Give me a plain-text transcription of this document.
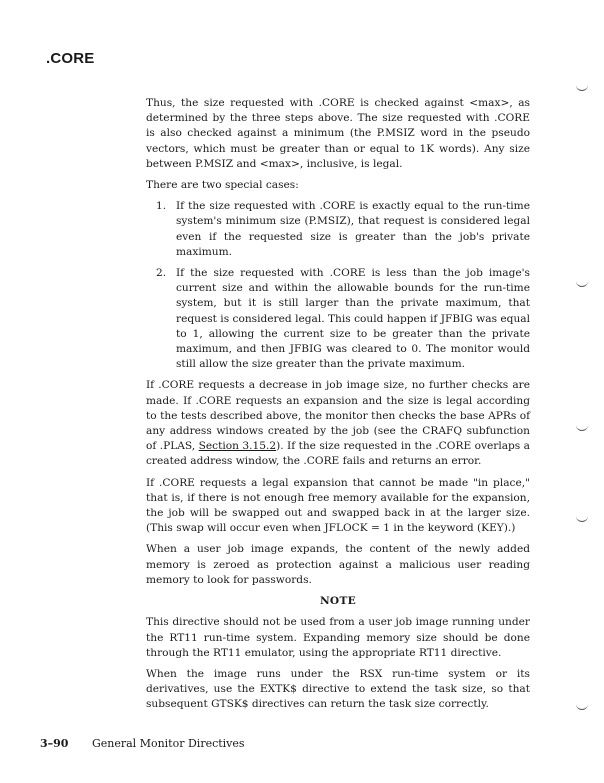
.CORE

Thus, the size requested with .CORE is checked against <max>, as determined by the three steps above. The size requested with .CORE is also checked against a minimum (the P.MSIZ word in the pseudo vectors, which must be greater than or equal to 1K words). Any size between P.MSIZ and <max>, inclusive, is legal.

There are two special cases:

1. If the size requested with .CORE is exactly equal to the run-time system's minimum size (P.MSIZ), that request is considered legal even if the requested size is greater than the job's private maximum.
2. If the size requested with .CORE is less than the job image's current size and within the allowable bounds for the run-time system, but it is still larger than the private maximum, that request is considered legal. This could happen if JFBIG was equal to 1, allowing the current size to be greater than the private maximum, and then JFBIG was cleared to 0. The monitor would still allow the size greater than the private maximum.

If .CORE requests a decrease in job image size, no further checks are made. If .CORE requests an expansion and the size is legal according to the tests described above, the monitor then checks the base APRs of any address windows created by the job (see the CRAFQ subfunction of .PLAS, Section 3.15.2). If the size requested in the .CORE overlaps a created address window, the .CORE fails and returns an error.

If .CORE requests a legal expansion that cannot be made "in place," that is, if there is not enough free memory available for the expansion, the job will be swapped out and swapped back in at the larger size. (This swap will occur even when JFLOCK = 1 in the keyword (KEY).)

When a user job image expands, the content of the newly added memory is zeroed as protection against a malicious user reading memory to look for passwords.

NOTE

This directive should not be used from a user job image running under the RT11 run-time system. Expanding memory size should be done through the RT11 emulator, using the appropriate RT11 directive.

When the image runs under the RSX run-time system or its derivatives, use the EXTK$ directive to extend the task size, so that subsequent GTSK$ directives can return the task size correctly.

3–90 General Monitor Directives
